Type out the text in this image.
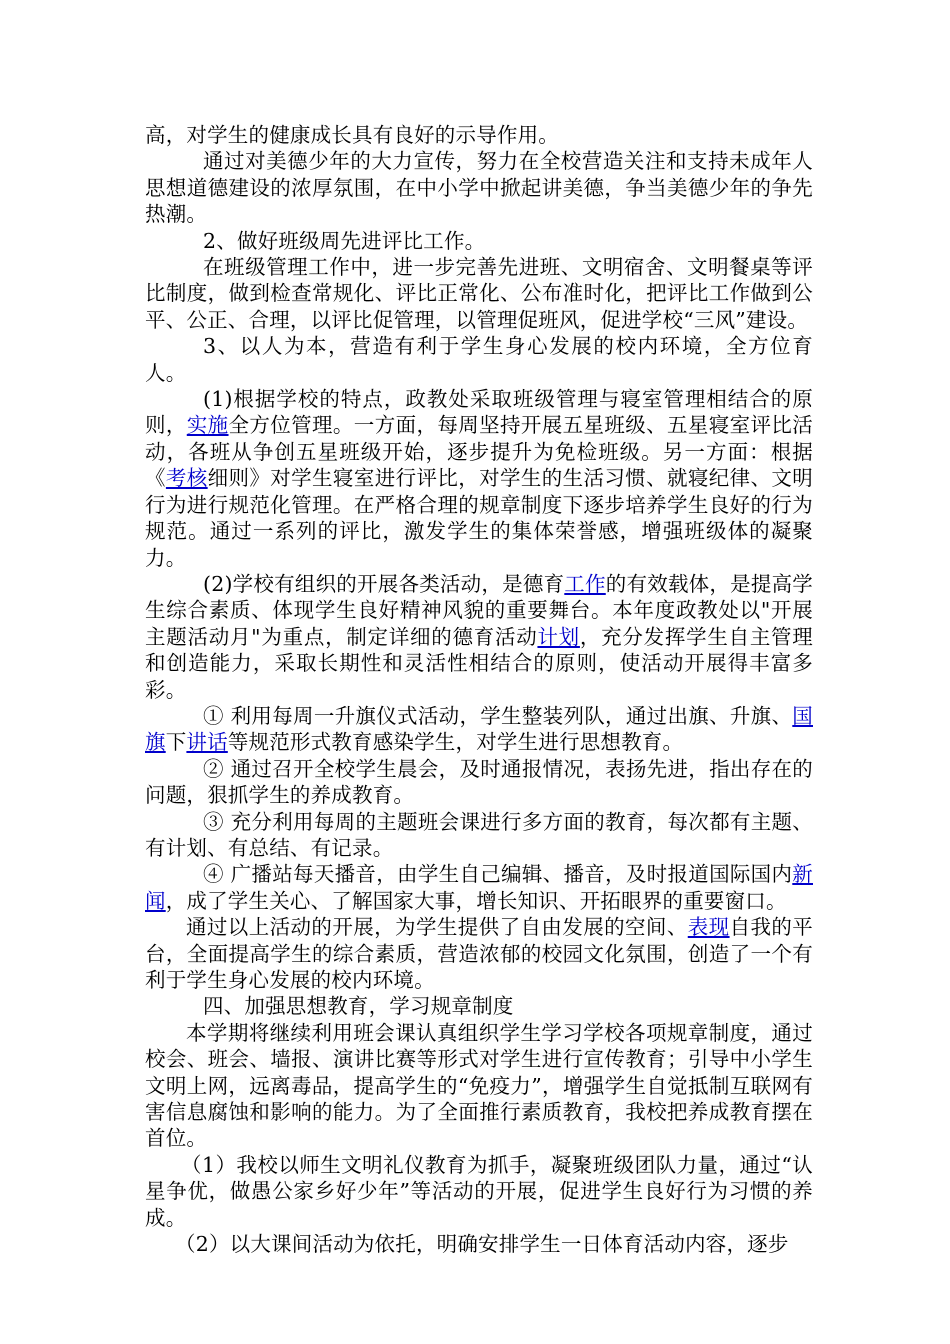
高，对学生的健康成长具有良好的示导作用。

通过对美德少年的大力宣传，努力在全校营造关注和支持未成年人思想道德建设的浓厚氛围，在中小学中掀起讲美德，争当美德少年的争先热潮。

2、做好班级周先进评比工作。

在班级管理工作中，进一步完善先进班、文明宿舍、文明餐桌等评比制度，做到检查常规化、评比正常化、公布准时化，把评比工作做到公平、公正、合理，以评比促管理，以管理促班风，促进学校“三风”建设。

3、以人为本，营造有利于学生身心发展的校内环境，全方位育人。

(1)根据学校的特点，政教处采取班级管理与寝室管理相结合的原则，实施全方位管理。一方面，每周坚持开展五星班级、五星寝室评比活动，各班从争创五星班级开始，逐步提升为免检班级。另一方面：根据《考核细则》对学生寝室进行评比，对学生的生活习惯、就寝纪律、文明行为进行规范化管理。在严格合理的规章制度下逐步培养学生良好的行为规范。通过一系列的评比，激发学生的集体荣誉感，增强班级体的凝聚力。

(2)学校有组织的开展各类活动，是德育工作的有效载体，是提高学生综合素质、体现学生良好精神风貌的重要舞台。本年度政教处以"开展主题活动月"为重点，制定详细的德育活动计划，充分发挥学生自主管理和创造能力，采取长期性和灵活性相结合的原则，使活动开展得丰富多彩。

① 利用每周一升旗仪式活动，学生整装列队，通过出旗、升旗、国旗下讲话等规范形式教育感染学生，对学生进行思想教育。

② 通过召开全校学生晨会，及时通报情况，表扬先进，指出存在的问题，狠抓学生的养成教育。

③ 充分利用每周的主题班会课进行多方面的教育，每次都有主题、有计划、有总结、有记录。

④ 广播站每天播音，由学生自己编辑、播音，及时报道国际国内新闻，成了学生关心、了解国家大事，增长知识、开拓眼界的重要窗口。

通过以上活动的开展，为学生提供了自由发展的空间、表现自我的平台，全面提高学生的综合素质，营造浓郁的校园文化氛围，创造了一个有利于学生身心发展的校内环境。

四、加强思想教育，学习规章制度

本学期将继续利用班会课认真组织学生学习学校各项规章制度，通过校会、班会、墙报、演讲比赛等形式对学生进行宣传教育；引导中小学生文明上网，远离毒品，提高学生的“免疫力”，增强学生自觉抵制互联网有害信息腐蚀和影响的能力。为了全面推行素质教育，我校把养成教育摆在首位。

（1）我校以师生文明礼仪教育为抓手，凝聚班级团队力量，通过“认星争优，做愚公家乡好少年”等活动的开展，促进学生良好行为习惯的养成。

（2）以大课间活动为依托，明确安排学生一日体育活动内容，逐步
